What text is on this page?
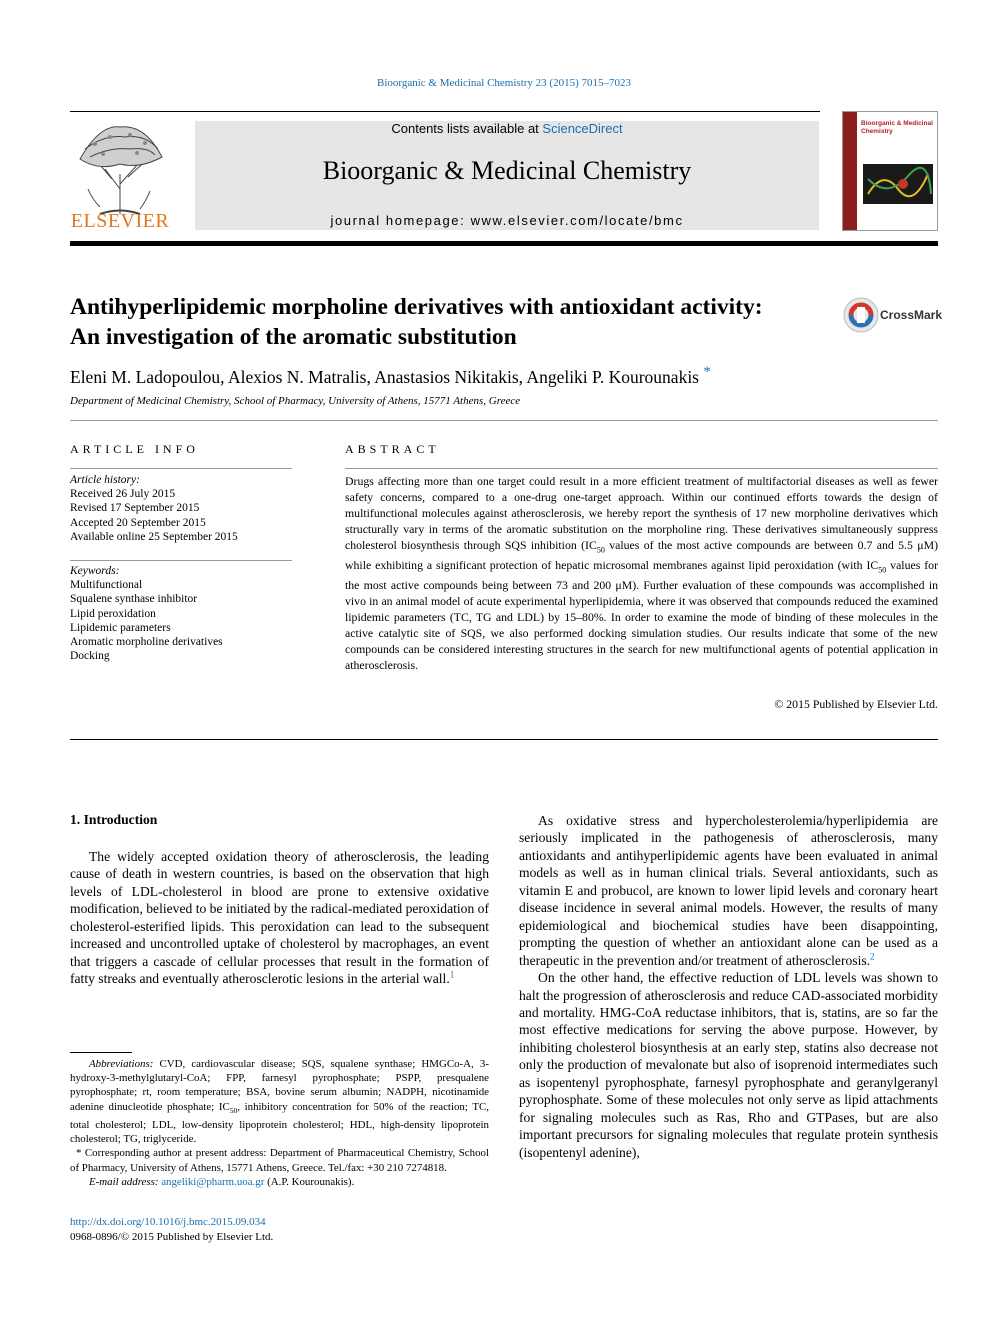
Bioorganic & Medicinal Chemistry 23 (2015) 7015–7023
ELSEVIER
Contents lists available at ScienceDirect
Bioorganic & Medicinal Chemistry
journal homepage: www.elsevier.com/locate/bmc
Bioorganic & Medicinal
Chemistry
Antihyperlipidemic morpholine derivatives with antioxidant activity:
An investigation of the aromatic substitution
CrossMark
Eleni M. Ladopoulou, Alexios N. Matralis, Anastasios Nikitakis, Angeliki P. Kourounakis *
Department of Medicinal Chemistry, School of Pharmacy, University of Athens, 15771 Athens, Greece
ARTICLE INFO
Article history:
Received 26 July 2015
Revised 17 September 2015
Accepted 20 September 2015
Available online 25 September 2015
Keywords:
Multifunctional
Squalene synthase inhibitor
Lipid peroxidation
Lipidemic parameters
Aromatic morpholine derivatives
Docking
ABSTRACT
Drugs affecting more than one target could result in a more efficient treatment of multifactorial diseases as well as fewer safety concerns, compared to a one-drug one-target approach. Within our continued efforts towards the design of multifunctional molecules against atherosclerosis, we hereby report the synthesis of 17 new morpholine derivatives which structurally vary in terms of the aromatic substitution on the morpholine ring. These derivatives simultaneously suppress cholesterol biosynthesis through SQS inhibition ($IC_{50}$ values of the most active compounds are between 0.7 and 5.5 μM) while exhibiting a significant protection of hepatic microsomal membranes against lipid peroxidation (with $IC_{50}$ values for the most active compounds being between 73 and 200 μM). Further evaluation of these compounds was accomplished in vivo in an animal model of acute experimental hyperlipidemia, where it was observed that compounds reduced the examined lipidemic parameters (TC, TG and LDL) by 15–80%. In order to examine the mode of binding of these molecules in the active catalytic site of SQS, we also performed docking simulation studies. Our results indicate that some of the new compounds can be considered interesting structures in the search for new multifunctional agents of potential application in atherosclerosis.
© 2015 Published by Elsevier Ltd.
1. Introduction

The widely accepted oxidation theory of atherosclerosis, the leading cause of death in western countries, is based on the observation that high levels of LDL-cholesterol in blood are prone to extensive oxidative modification, believed to be initiated by the radical-mediated peroxidation of cholesterol-esterified lipids. This peroxidation can lead to the subsequent increased and uncontrolled uptake of cholesterol by macrophages, an event that triggers a cascade of cellular processes that result in the formation of fatty streaks and eventually atherosclerotic lesions in the arterial wall.$^1$

As oxidative stress and hypercholesterolemia/hyperlipidemia are seriously implicated in the pathogenesis of atherosclerosis, many antioxidants and antihyperlipidemic agents have been evaluated in animal models as well as in human clinical trials. Several antioxidants, such as vitamin E and probucol, are known to lower lipid levels and coronary heart disease incidence in several animal models. However, the results of many epidemiological and biochemical studies have been disappointing, prompting the question of whether an antioxidant alone can be used as a therapeutic in the prevention and/or treatment of atherosclerosis.$^2$

On the other hand, the effective reduction of LDL levels was shown to halt the progression of atherosclerosis and reduce CAD-associated morbidity and mortality. HMG-CoA reductase inhibitors, that is, statins, are so far the most effective medications for serving the above purpose. However, by inhibiting cholesterol biosynthesis at an early step, statins also decrease not only the production of mevalonate but also of isoprenoid intermediates such as isopentenyl pyrophosphate, farnesyl pyrophosphate and geranylgeranyl pyrophosphate. Some of these molecules not only serve as lipid attachments for signaling molecules such as Ras, Rho and GTPases, but are also important precursors for signaling molecules that regulate protein synthesis (isopentenyl adenine),

Abbreviations: CVD, cardiovascular disease; SQS, squalene synthase; HMGCo-A, 3-hydroxy-3-methylglutaryl-CoA; FPP, farnesyl pyrophosphate; PSPP, presqualene pyrophosphate; rt, room temperature; BSA, bovine serum albumin; NADPH, nicotinamide adenine dinucleotide phosphate; $IC_{50}$, inhibitory concentration for 50% of the reaction; TC, total cholesterol; LDL, low-density lipoprotein cholesterol; HDL, high-density lipoprotein cholesterol; TG, triglyceride.

* Corresponding author at present address: Department of Pharmaceutical Chemistry, School of Pharmacy, University of Athens, 15771 Athens, Greece. Tel./fax: +30 210 7274818.

E-mail address: angeliki@pharm.uoa.gr (A.P. Kourounakis).

http://dx.doi.org/10.1016/j.bmc.2015.09.034
0968-0896/© 2015 Published by Elsevier Ltd.
